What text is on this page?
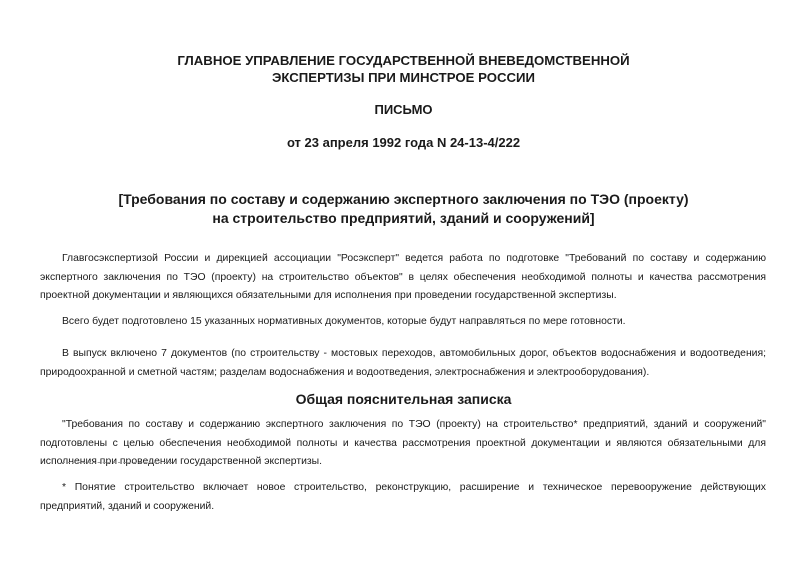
ГЛАВНОЕ УПРАВЛЕНИЕ ГОСУДАРСТВЕННОЙ ВНЕВЕДОМСТВЕННОЙ
ЭКСПЕРТИЗЫ ПРИ МИНСТРОЕ РОССИИ
ПИСЬМО
от 23 апреля 1992 года N 24-13-4/222
[Требования по составу и содержанию экспертного заключения по ТЭО (проекту)
на строительство предприятий, зданий и сооружений]

Главгосэкспертизой России и дирекцией ассоциации "Росэксперт" ведется работа по подготовке "Требований по составу и содержанию экспертного заключения по ТЭО (проекту) на строительство объектов" в целях обеспечения необходимой полноты и качества рассмотрения проектной документации и являющихся обязательными для исполнения при проведении государственной экспертизы.

Всего будет подготовлено 15 указанных нормативных документов, которые будут направляться по мере готовности.

В выпуск включено 7 документов (по строительству - мостовых переходов, автомобильных дорог, объектов водоснабжения и водоотведения; природоохранной и сметной частям; разделам водоснабжения и водоотведения, электроснабжения и электрооборудования).

Общая пояснительная записка

"Требования по составу и содержанию экспертного заключения по ТЭО (проекту) на строительство* предприятий, зданий и сооружений" подготовлены с целью обеспечения необходимой полноты и качества рассмотрения проектной документации и являются обязательными для исполнения при проведении государственной экспертизы.

* Понятие строительство включает новое строительство, реконструкцию, расширение и техническое перевооружение действующих предприятий, зданий и сооружений.
